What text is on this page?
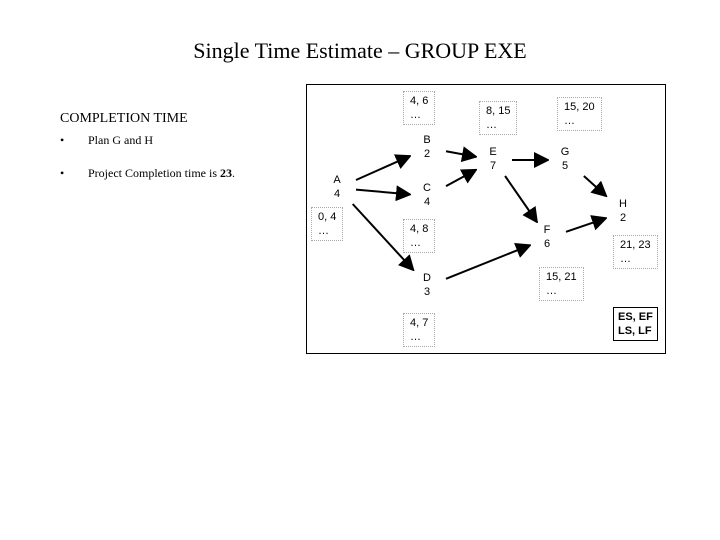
Single Time Estimate – GROUP EXE
COMPLETION TIME
• Plan G and H
• Project Completion time is 23.	A
4
B
2
C
4
D
3
E
7
F
6
G
5
H
2
0, 4
…
4, 6
…
4, 8
…
4, 7
…
8, 15
…
15, 21
…
15, 20
…
21, 23
…
ES, EF
LS, LF
